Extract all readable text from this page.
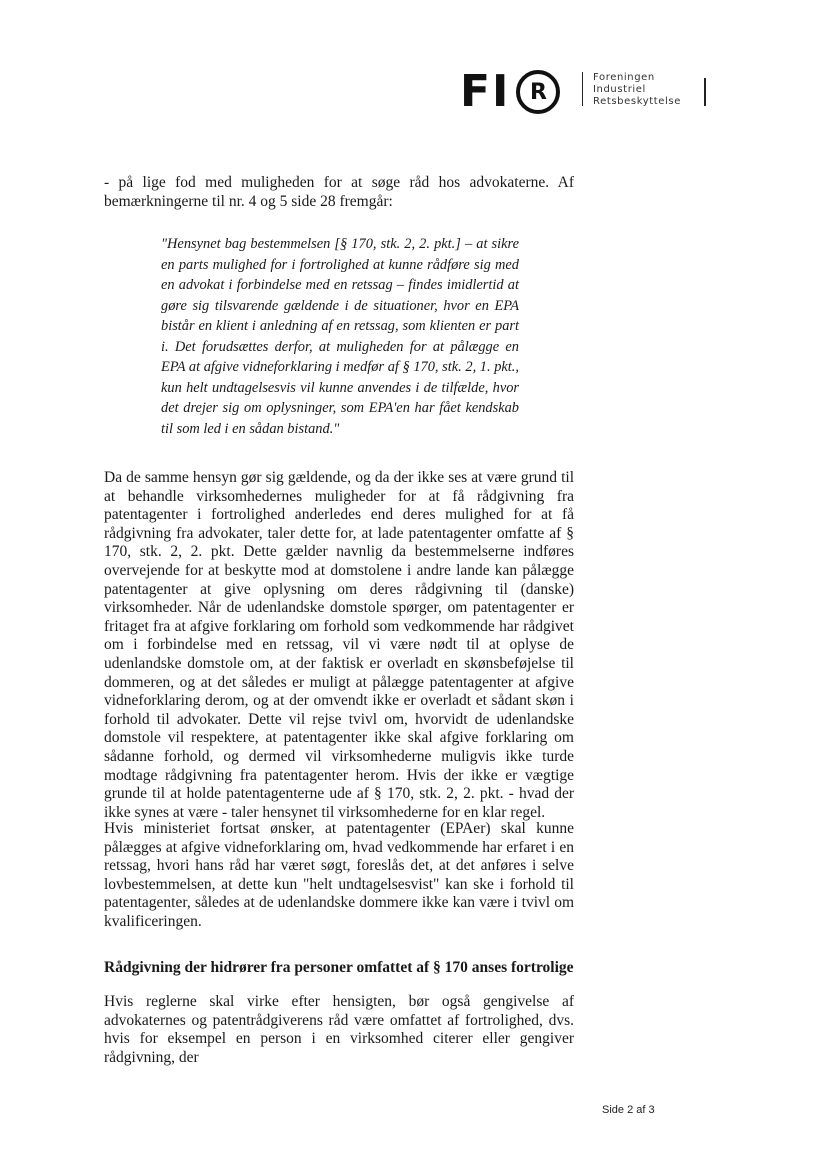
FI R
Foreningen
Industriel
Retsbeskyttelse
- på lige fod med muligheden for at søge råd hos advokaterne. Af bemærkningerne til nr. 4 og 5 side 28 fremgår:
"Hensynet bag bestemmelsen [§ 170, stk. 2, 2. pkt.] – at sikre en parts mulighed for i fortrolighed at kunne rådføre sig med en advokat i forbindelse med en retssag – findes imidlertid at gøre sig tilsvarende gældende i de situationer, hvor en EPA bistår en klient i anledning af en retssag, som klienten er part i. Det forudsættes derfor, at muligheden for at pålægge en EPA at afgive vidneforklaring i medfør af § 170, stk. 2, 1. pkt., kun helt undtagelsesvis vil kunne anvendes i de tilfælde, hvor det drejer sig om oplysninger, som EPA'en har fået kendskab til som led i en sådan bistand."
Da de samme hensyn gør sig gældende, og da der ikke ses at være grund til at behandle virksomhedernes muligheder for at få rådgivning fra patentagenter i fortrolighed anderledes end deres mulighed for at få rådgivning fra advokater, taler dette for, at lade patentagenter omfatte af § 170, stk. 2, 2. pkt. Dette gælder navnlig da bestemmelserne indføres overvejende for at beskytte mod at domstolene i andre lande kan pålægge patentagenter at give oplysning om deres rådgivning til (danske) virksomheder. Når de udenlandske domstole spørger, om patentagenter er fritaget fra at afgive forklaring om forhold som vedkommende har rådgivet om i forbindelse med en retssag, vil vi være nødt til at oplyse de udenlandske domstole om, at der faktisk er overladt en skønsbeføjelse til dommeren, og at det således er muligt at pålægge patentagenter at afgive vidneforklaring derom, og at der omvendt ikke er overladt et sådant skøn i forhold til advokater. Dette vil rejse tvivl om, hvorvidt de udenlandske domstole vil respektere, at patentagenter ikke skal afgive forklaring om sådanne forhold, og dermed vil virksomhederne muligvis ikke turde modtage rådgivning fra patentagenter herom. Hvis der ikke er vægtige grunde til at holde patentagenterne ude af § 170, stk. 2, 2. pkt. - hvad der ikke synes at være - taler hensynet til virksomhederne for en klar regel.
Hvis ministeriet fortsat ønsker, at patentagenter (EPAer) skal kunne pålægges at afgive vidneforklaring om, hvad vedkommende har erfaret i en retssag, hvori hans råd har været søgt, foreslås det, at det anføres i selve lovbestemmelsen, at dette kun "helt undtagelsesvist" kan ske i forhold til patentagenter, således at de udenlandske dommere ikke kan være i tvivl om kvalificeringen.
Rådgivning der hidrører fra personer omfattet af § 170 anses fortrolige
Hvis reglerne skal virke efter hensigten, bør også gengivelse af advokaternes og patentrådgiverens råd være omfattet af fortrolighed, dvs. hvis for eksempel en person i en virksomhed citerer eller gengiver rådgivning, der
Side 2 af 3
